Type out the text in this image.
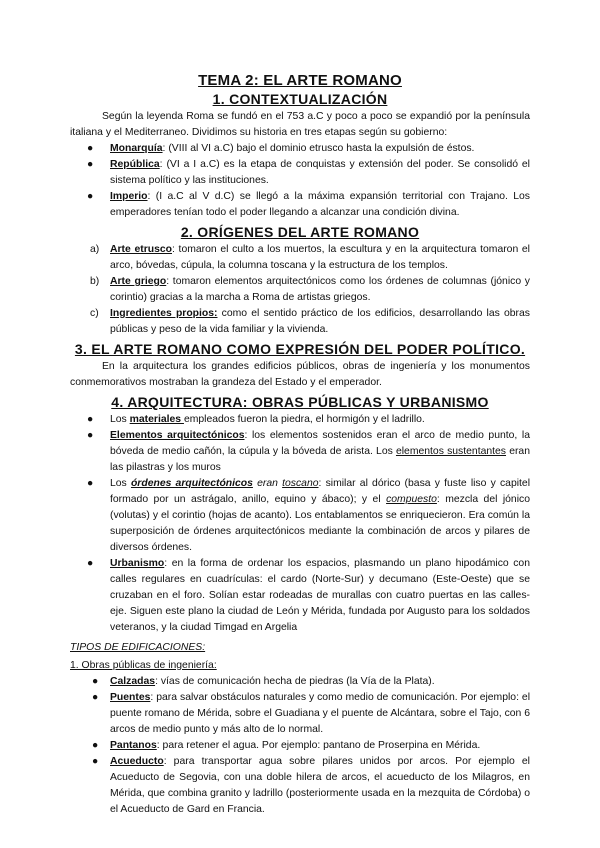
TEMA 2: EL ARTE ROMANO
1. CONTEXTUALIZACIÓN

Según la leyenda Roma se fundó en el 753 a.C y poco a poco se expandió por la península italiana y el Mediterraneo. Dividimos su historia en tres etapas según su gobierno:

● Monarquía: (VIII al VI a.C) bajo el dominio etrusco hasta la expulsión de éstos.
● República: (VI a I a.C) es la etapa de conquistas y extensión del poder. Se consolidó el sistema político y las instituciones.
● Imperio: (I a.C al V d.C) se llegó a la máxima expansión territorial con Trajano. Los emperadores tenían todo el poder llegando a alcanzar una condición divina.
2. ORÍGENES DEL ARTE ROMANO
a) Arte etrusco: tomaron el culto a los muertos, la escultura y en la arquitectura tomaron el arco, bóvedas, cúpula, la columna toscana y la estructura de los templos.
b) Arte griego: tomaron elementos arquitectónicos como los órdenes de columnas (jónico y corintio) gracias a la marcha a Roma de artistas griegos.
c) Ingredientes propios: como el sentido práctico de los edificios, desarrollando las obras públicas y peso de la vida familiar y la vivienda.
3. EL ARTE ROMANO COMO EXPRESIÓN DEL PODER POLÍTICO.

En la arquitectura los grandes edificios públicos, obras de ingeniería y los monumentos conmemorativos mostraban la grandeza del Estado y el emperador.

4. ARQUITECTURA: OBRAS PÚBLICAS Y URBANISMO
● Los materiales empleados fueron la piedra, el hormigón y el ladrillo.
● Elementos arquitectónicos: los elementos sostenidos eran el arco de medio punto, la bóveda de medio cañón, la cúpula y la bóveda de arista. Los elementos sustentantes eran las pilastras y los muros
● Los órdenes arquitectónicos eran toscano: similar al dórico (basa y fuste liso y capitel formado por un astrágalo, anillo, equino y ábaco); y el compuesto: mezcla del jónico (volutas) y el corintio (hojas de acanto). Los entablamentos se enriquecieron. Era común la superposición de órdenes arquitectónicos mediante la combinación de arcos y pilares de diversos órdenes.
● Urbanismo: en la forma de ordenar los espacios, plasmando un plano hipodámico con calles regulares en cuadrículas: el cardo (Norte-Sur) y decumano (Este-Oeste) que se cruzaban en el foro. Solían estar rodeadas de murallas con cuatro puertas en las calles-eje. Siguen este plano la ciudad de León y Mérida, fundada por Augusto para los soldados veteranos, y la ciudad Timgad en Argelia

TIPOS DE EDIFICACIONES:

1. Obras públicas de ingeniería:

● Calzadas: vías de comunicación hecha de piedras (la Vía de la Plata).
● Puentes: para salvar obstáculos naturales y como medio de comunicación. Por ejemplo: el puente romano de Mérida, sobre el Guadiana y el puente de Alcántara, sobre el Tajo, con 6 arcos de medio punto y más alto de lo normal.
● Pantanos: para retener el agua. Por ejemplo: pantano de Proserpina en Mérida.
● Acueducto: para transportar agua sobre pilares unidos por arcos. Por ejemplo el Acueducto de Segovia, con una doble hilera de arcos, el acueducto de los Milagros, en Mérida, que combina granito y ladrillo (posteriormente usada en la mezquita de Córdoba) o el Acueducto de Gard en Francia.
